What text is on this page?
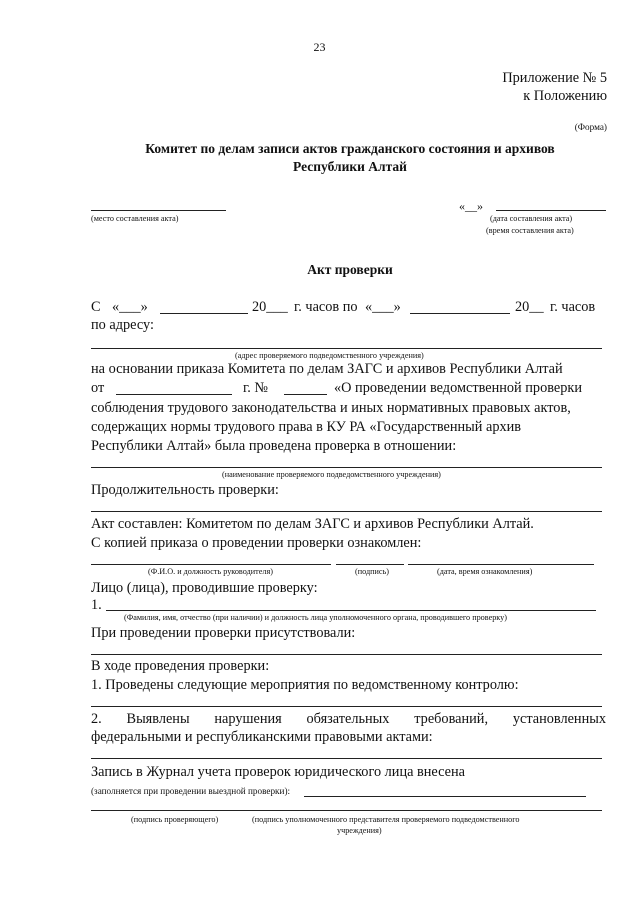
23
Приложение № 5
к Положению
(Форма)
Комитет по делам записи актов гражданского состояния и архивов
Республики Алтай
(место составления акта)
«__»
(дата составления акта)
(время составления акта)
Акт проверки
С «___»	20___ г. часов по «___»	20__ г. часов
по адресу:
(адрес проверяемого подведомственного учреждения)
на основании приказа Комитета по делам ЗАГС и архивов Республики Алтай
от	г. №	«О проведении ведомственной проверки
соблюдения трудового законодательства и иных нормативных правовых актов,
содержащих нормы трудового права в КУ РА «Государственный архив
Республики Алтай» была проведена проверка в отношении:
(наименование проверяемого подведомственного учреждения)
Продолжительность проверки:
Акт составлен: Комитетом по делам ЗАГС и архивов Республики Алтай.
С копией приказа о проведении проверки ознакомлен:
(Ф.И.О. и должность руководителя)	(подпись)	(дата, время ознакомления)
Лицо (лица), проводившие проверку:
1.
(Фамилия, имя, отчество (при наличии) и должность лица уполномоченного органа, проводившего проверку)
При проведении проверки присутствовали:
В ходе проведения проверки:
1. Проведены следующие мероприятия по ведомственному контролю:
2. Выявлены нарушения обязательных требований, установленных
федеральными и республиканскими правовыми актами:
Запись в Журнал учета проверок юридического лица внесена
(заполняется при проведении выездной проверки):
(подпись проверяющего)	(подпись уполномоченного представителя проверяемого подведомственного
учреждения)
